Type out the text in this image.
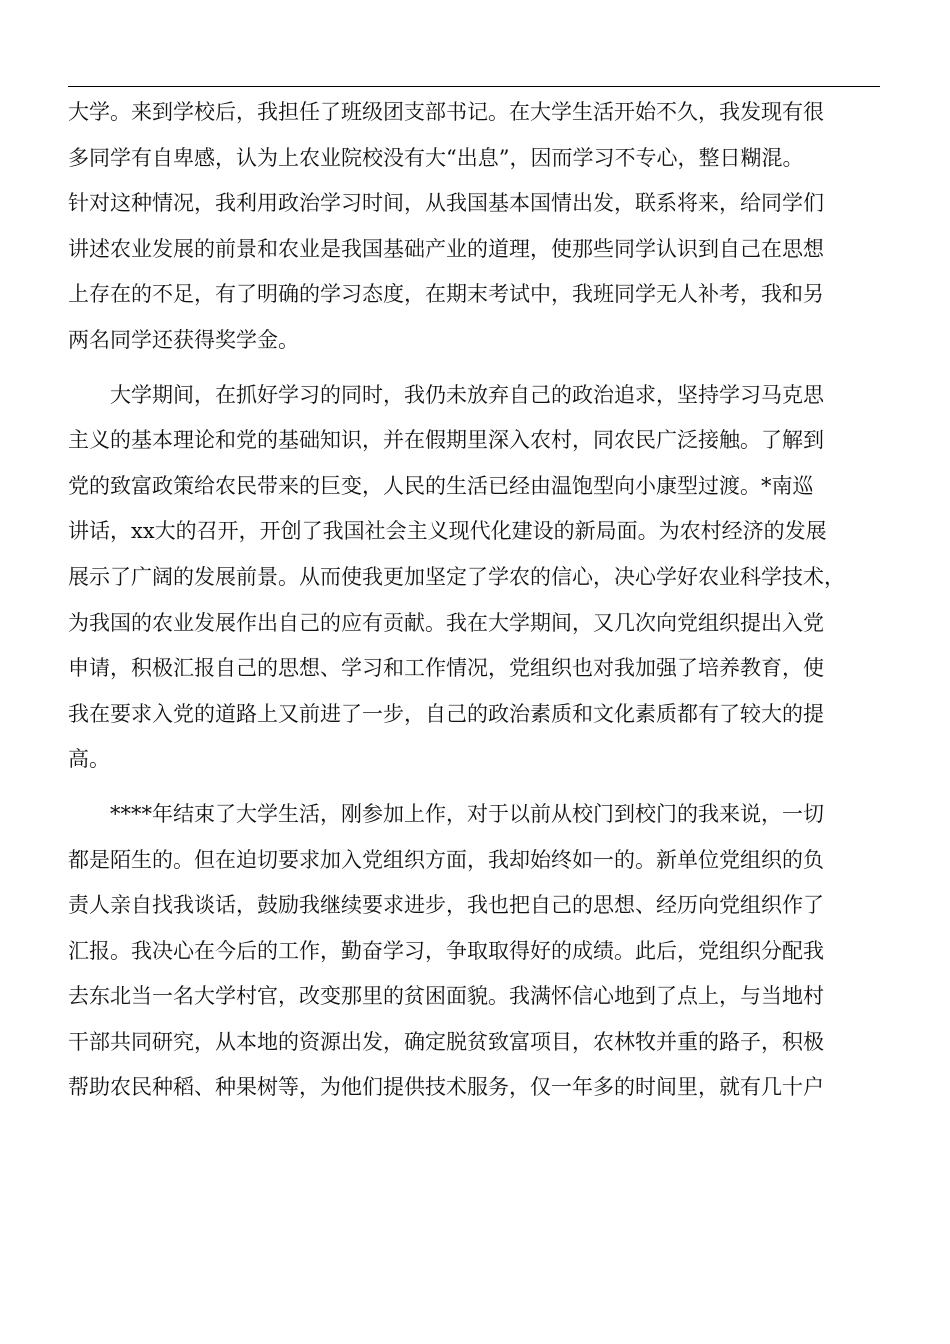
大学。来到学校后，我担任了班级团支部书记。在大学生活开始不久，我发现有很
多同学有自卑感，认为上农业院校没有大“出息”，因而学习不专心，整日糊混。
针对这种情况，我利用政治学习时间，从我国基本国情出发，联系将来，给同学们
讲述农业发展的前景和农业是我国基础产业的道理，使那些同学认识到自己在思想
上存在的不足，有了明确的学习态度，在期末考试中，我班同学无人补考，我和另
两名同学还获得奖学金。
大学期间，在抓好学习的同时，我仍未放弃自己的政治追求，坚持学习马克思
主义的基本理论和党的基础知识，并在假期里深入农村，同农民广泛接触。了解到
党的致富政策给农民带来的巨变，人民的生活已经由温饱型向小康型过渡。*南巡
讲话，xx大的召开，开创了我国社会主义现代化建设的新局面。为农村经济的发展
展示了广阔的发展前景。从而使我更加坚定了学农的信心，决心学好农业科学技术，
为我国的农业发展作出自己的应有贡献。我在大学期间，又几次向党组织提出入党
申请，积极汇报自己的思想、学习和工作情况，党组织也对我加强了培养教育，使
我在要求入党的道路上又前进了一步，自己的政治素质和文化素质都有了较大的提
高。
****年结束了大学生活，刚参加上作，对于以前从校门到校门的我来说，一切
都是陌生的。但在迫切要求加入党组织方面，我却始终如一的。新单位党组织的负
责人亲自找我谈话，鼓励我继续要求进步，我也把自己的思想、经历向党组织作了
汇报。我决心在今后的工作，勤奋学习，争取取得好的成绩。此后，党组织分配我
去东北当一名大学村官，改变那里的贫困面貌。我满怀信心地到了点上，与当地村
干部共同研究，从本地的资源出发，确定脱贫致富项目，农林牧并重的路子，积极
帮助农民种稻、种果树等，为他们提供技术服务，仅一年多的时间里，就有几十户
